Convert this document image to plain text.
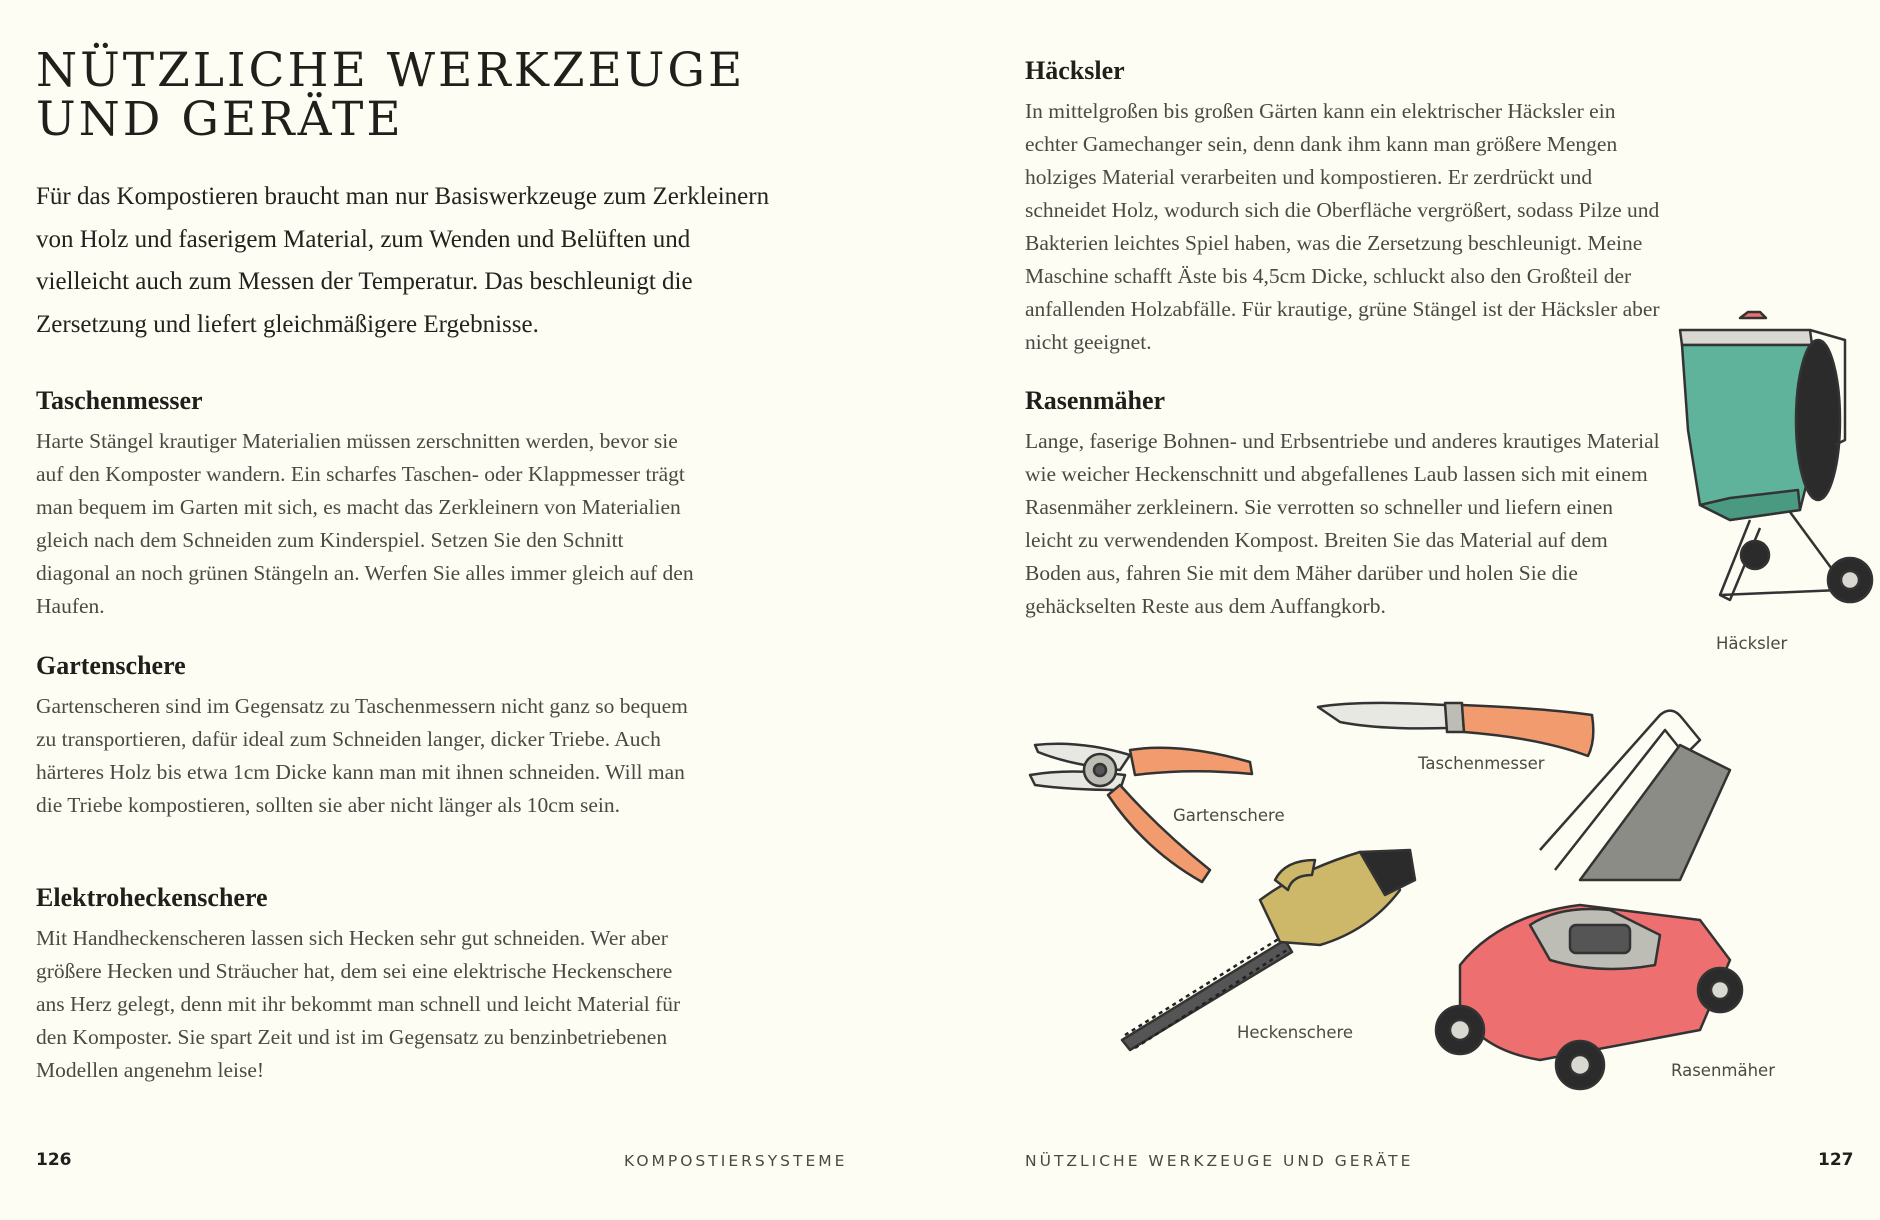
NÜTZLICHE WERKZEUGE
UND GERÄTE

Für das Kompostieren braucht man nur Basiswerkzeuge zum Zerkleinern von Holz und faserigem Material, zum Wenden und Belüften und vielleicht auch zum Messen der Temperatur. Das beschleunigt die Zersetzung und liefert gleichmäßigere Ergebnisse.

Taschenmesser

Harte Stängel krautiger Materialien müssen zerschnitten werden, bevor sie auf den Komposter wandern. Ein scharfes Taschen- oder Klappmesser trägt man bequem im Garten mit sich, es macht das Zerkleinern von Materialien gleich nach dem Schneiden zum Kinderspiel. Setzen Sie den Schnitt diagonal an noch grünen Stängeln an. Werfen Sie alles immer gleich auf den Haufen.

Gartenschere

Gartenscheren sind im Gegensatz zu Taschenmessern nicht ganz so bequem zu transportieren, dafür ideal zum Schneiden langer, dicker Triebe. Auch härteres Holz bis etwa 1cm Dicke kann man mit ihnen schneiden. Will man die Triebe kompostieren, sollten sie aber nicht länger als 10cm sein.

Elektroheckenschere

Mit Handheckenscheren lassen sich Hecken sehr gut schneiden. Wer aber größere Hecken und Sträucher hat, dem sei eine elektrische Heckenschere ans Herz gelegt, denn mit ihr bekommt man schnell und leicht Material für den Komposter. Sie spart Zeit und ist im Gegensatz zu benzinbetriebenen Modellen angenehm leise!

126	KOMPOSTIERSYSTEME
Häcksler

In mittelgroßen bis großen Gärten kann ein elektrischer Häcksler ein echter Gamechanger sein, denn dank ihm kann man größere Mengen holziges Material verarbeiten und kompostieren. Er zerdrückt und schneidet Holz, wodurch sich die Oberfläche vergrößert, sodass Pilze und Bakterien leichtes Spiel haben, was die Zersetzung beschleunigt. Meine Maschine schafft Äste bis 4,5cm Dicke, schluckt also den Großteil der anfallenden Holzabfälle. Für krautige, grüne Stängel ist der Häcksler aber nicht geeignet.

Rasenmäher

Lange, faserige Bohnen- und Erbsentriebe und anderes krautiges Material wie weicher Heckenschnitt und abgefallenes Laub lassen sich mit einem Rasenmäher zerkleinern. Sie verrotten so schneller und liefern einen leicht zu verwendenden Kompost. Breiten Sie das Material auf dem Boden aus, fahren Sie mit dem Mäher darüber und holen Sie die gehäckselten Reste aus dem Auffangkorb.

Häcksler
Taschenmesser
Gartenschere
Heckenschere
Rasenmäher
NÜTZLICHE WERKZEUGE UND GERÄTE	127
